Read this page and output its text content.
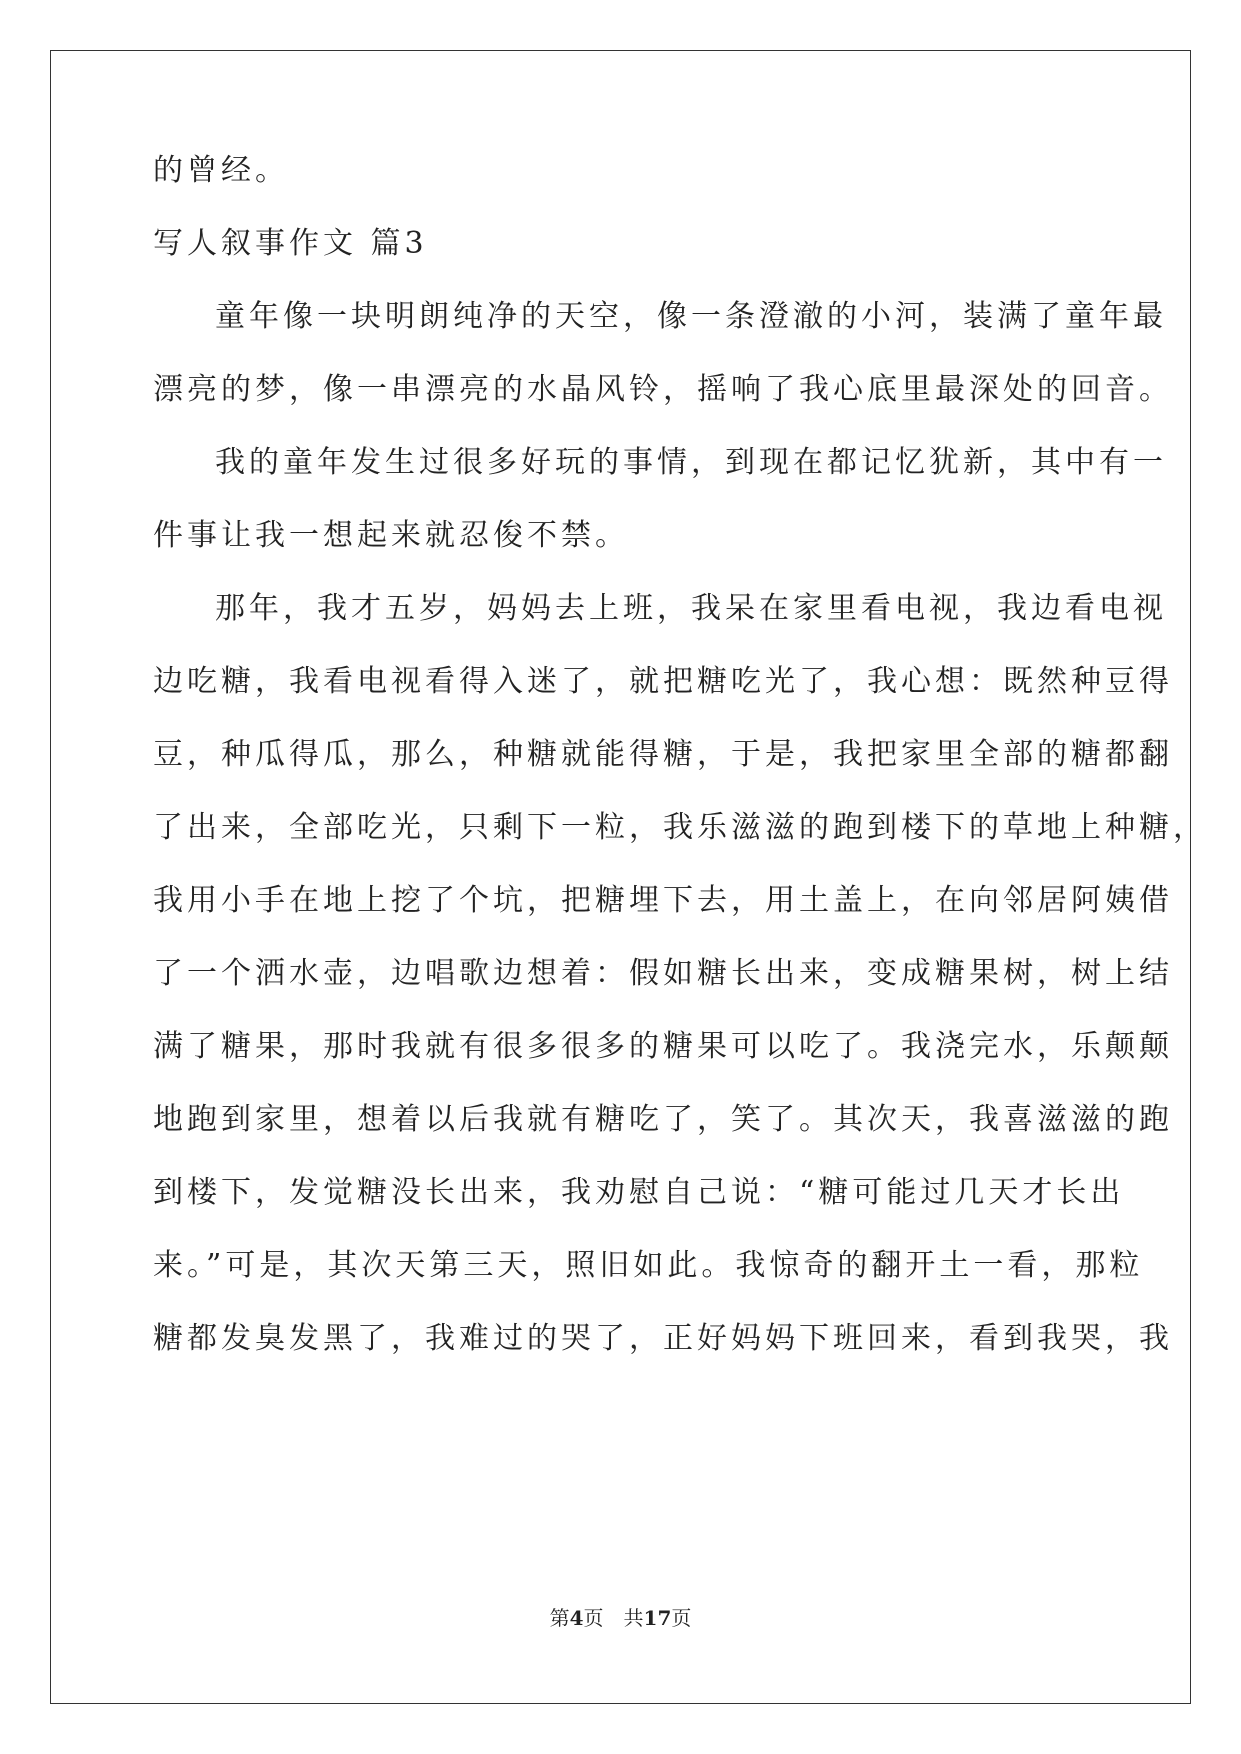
的曾经。
写人叙事作文 篇3
童年像一块明朗纯净的天空，像一条澄澈的小河，装满了童年最
漂亮的梦，像一串漂亮的水晶风铃，摇响了我心底里最深处的回音。
我的童年发生过很多好玩的事情，到现在都记忆犹新，其中有一
件事让我一想起来就忍俊不禁。
那年，我才五岁，妈妈去上班，我呆在家里看电视，我边看电视
边吃糖，我看电视看得入迷了，就把糖吃光了，我心想：既然种豆得
豆，种瓜得瓜，那么，种糖就能得糖，于是，我把家里全部的糖都翻
了出来，全部吃光，只剩下一粒，我乐滋滋的跑到楼下的草地上种糖，
我用小手在地上挖了个坑，把糖埋下去，用土盖上，在向邻居阿姨借
了一个洒水壶，边唱歌边想着：假如糖长出来，变成糖果树，树上结
满了糖果，那时我就有很多很多的糖果可以吃了。我浇完水，乐颠颠
地跑到家里，想着以后我就有糖吃了，笑了。其次天，我喜滋滋的跑
到楼下，发觉糖没长出来，我劝慰自己说：“糖可能过几天才长出
来。”可是，其次天第三天，照旧如此。我惊奇的翻开土一看，那粒
糖都发臭发黑了，我难过的哭了，正好妈妈下班回来，看到我哭，我
第4页　共17页
